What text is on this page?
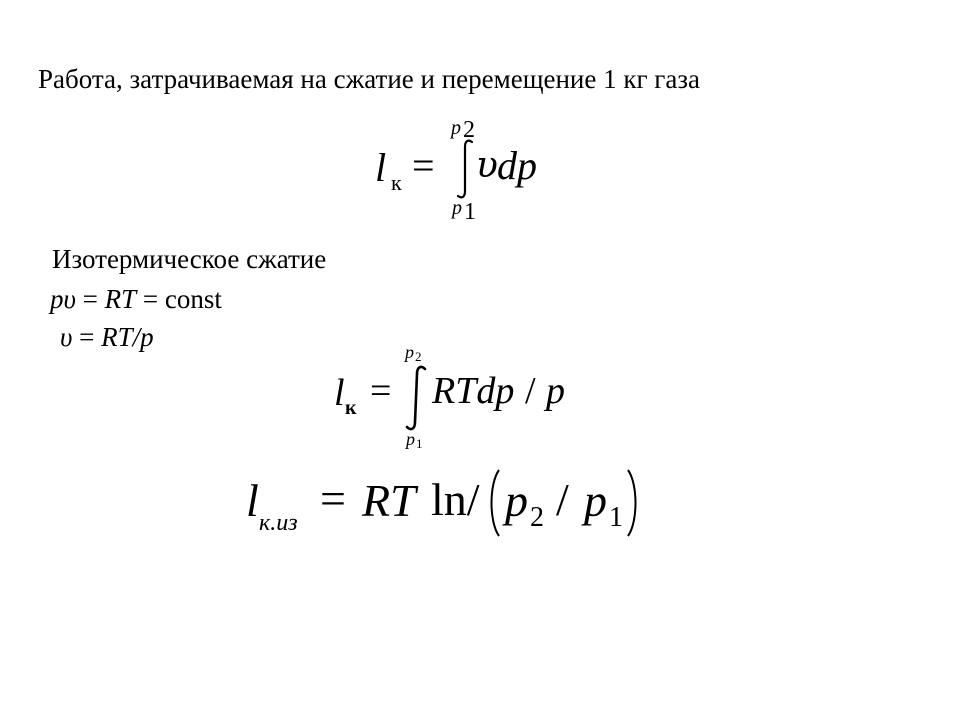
Работа, затрачиваемая на сжатие и перемещение 1 кг газа
l к =
p 2
p 1
υ dp
Изотермическое сжатие
pυ = RT = const
υ = RT/p
l к =
p 2
p 1
RTdp / p
l к.из = RT ln/ p 2 / p 1
